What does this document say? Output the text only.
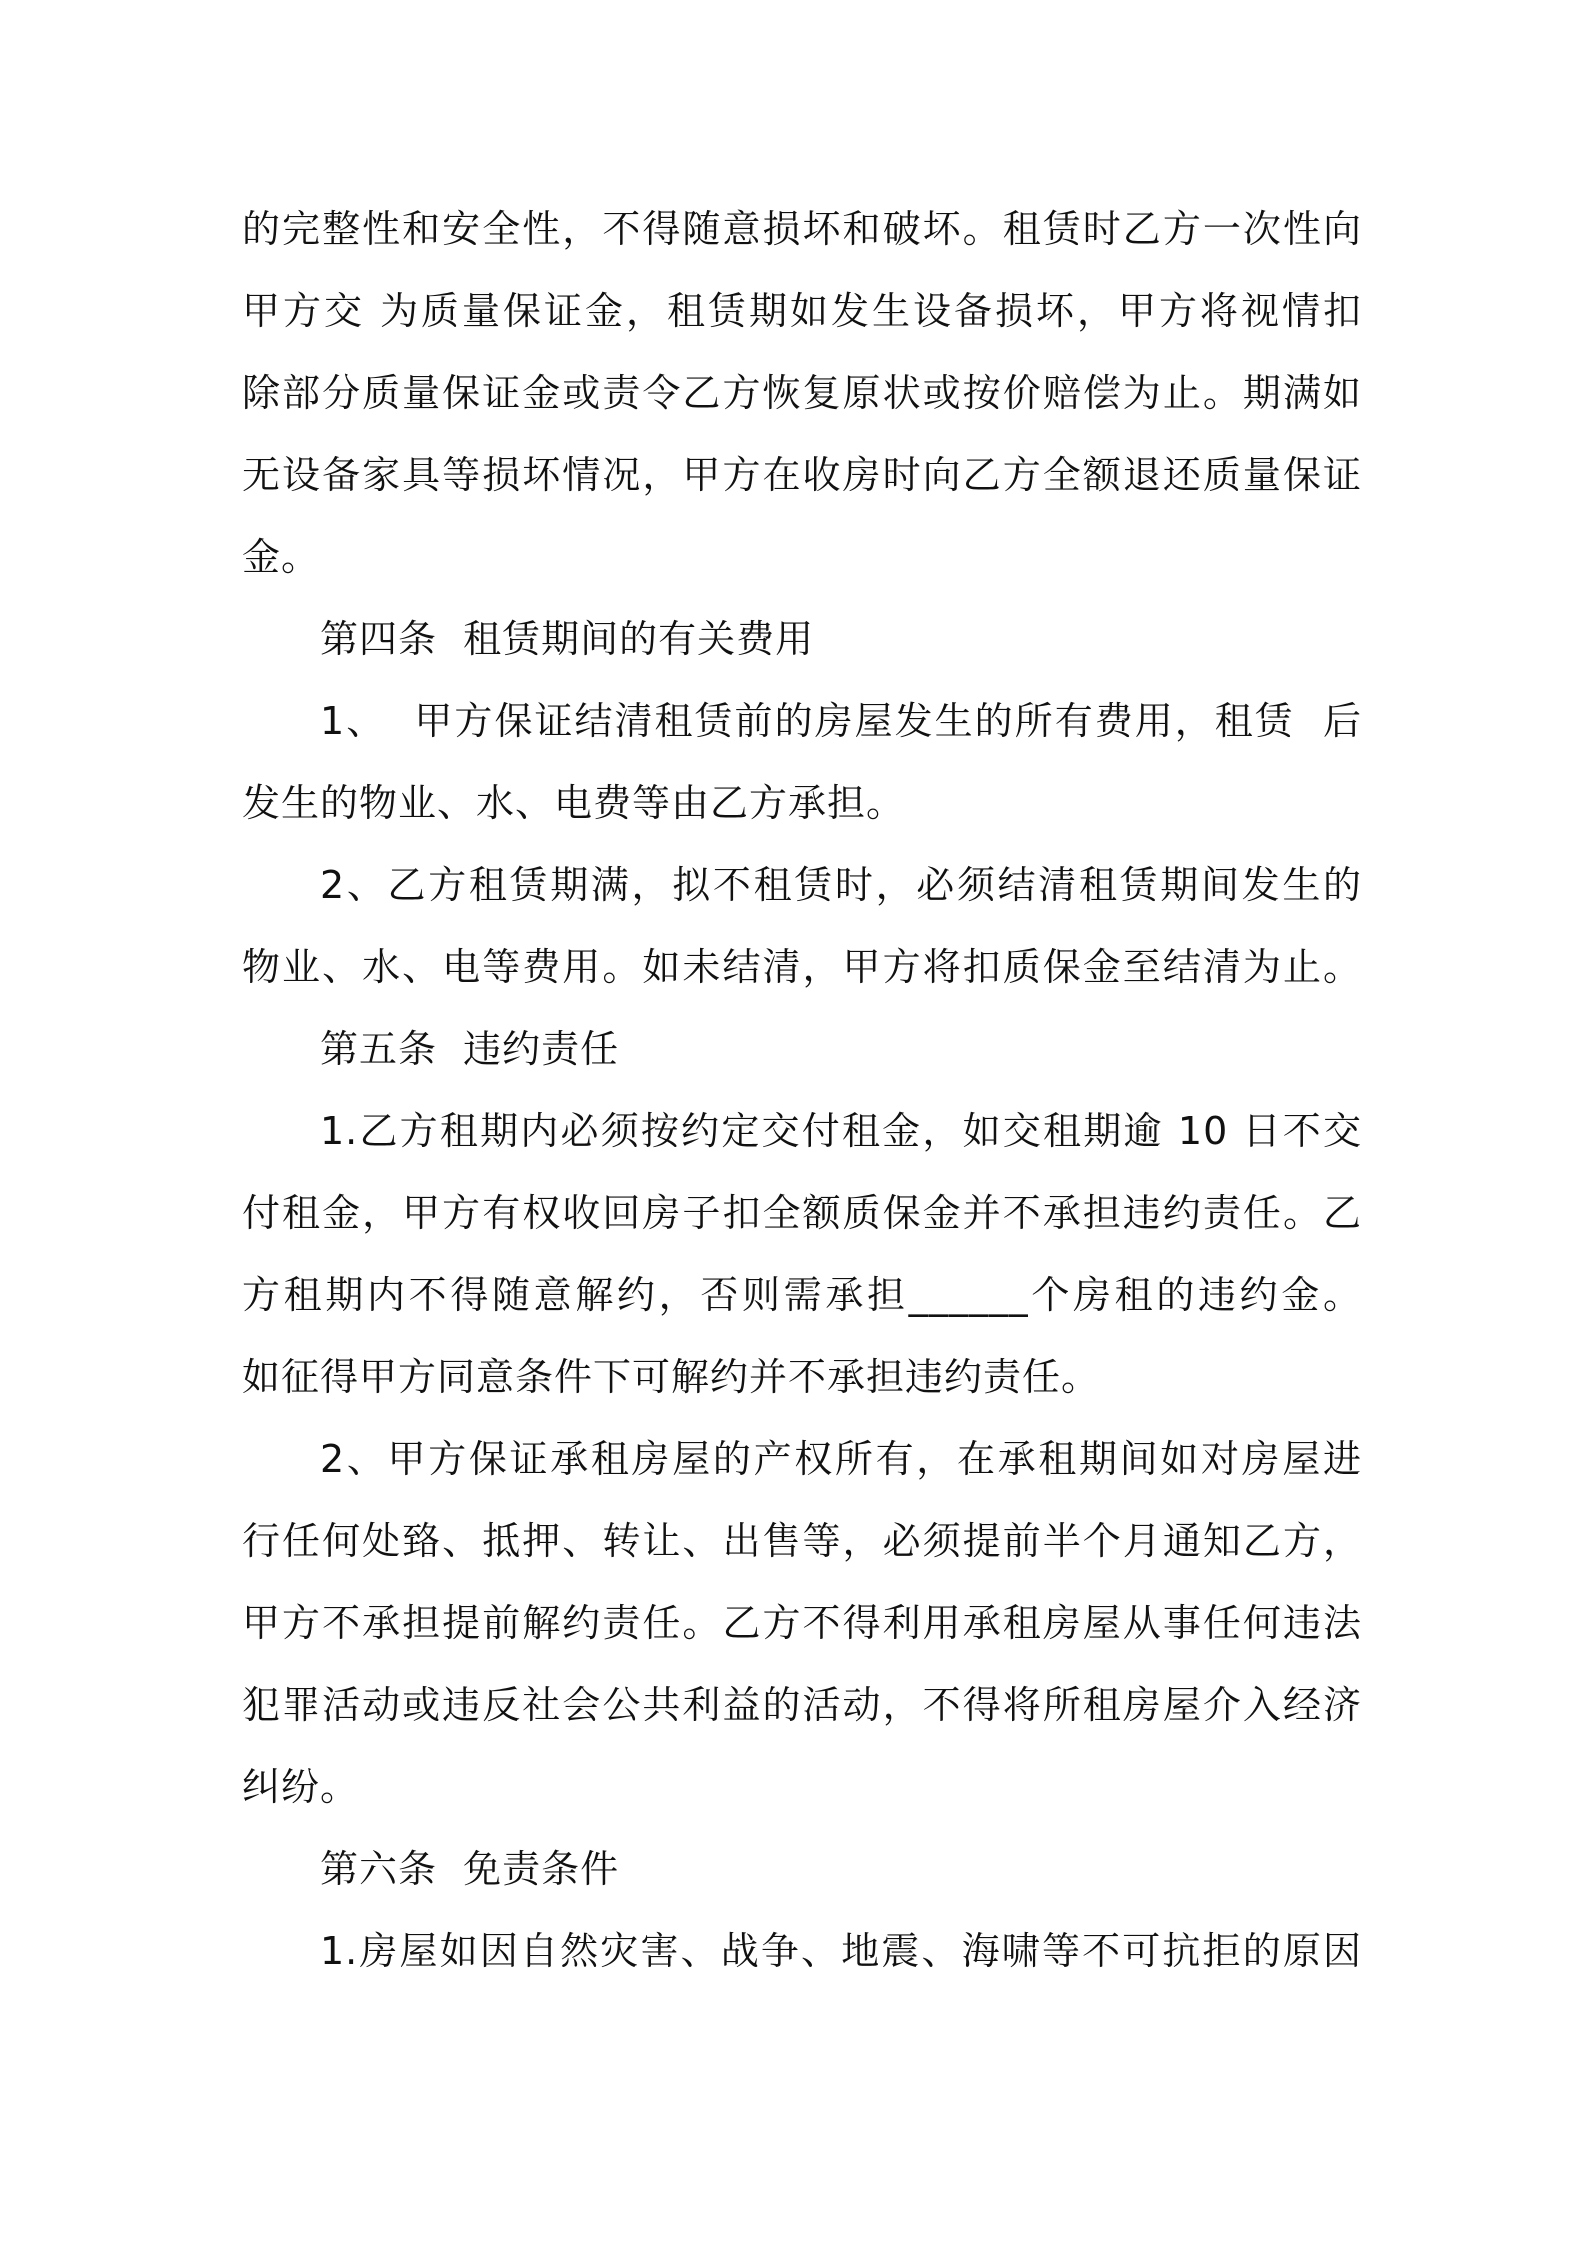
的完整性和安全性，不得随意损坏和破坏。租赁时乙方一次性向
甲方交 为质量保证金，租赁期如发生设备损坏，甲方将视情扣
除部分质量保证金或责令乙方恢复原状或按价赔偿为止。期满如
无设备家具等损坏情况，甲方在收房时向乙方全额退还质量保证
金。
第四条  租赁期间的有关费用
1、  甲方保证结清租赁前的房屋发生的所有费用，租赁  后
发生的物业、水、电费等由乙方承担。
2、乙方租赁期满，拟不租赁时，必须结清租赁期间发生的
物业、水、电等费用。如未结清，甲方将扣质保金至结清为止。
第五条  违约责任
1.乙方租期内必须按约定交付租金，如交租期逾 10 日不交
付租金，甲方有权收回房子扣全额质保金并不承担违约责任。乙
方租期内不得随意解约，否则需承担______个房租的违约金。
如征得甲方同意条件下可解约并不承担违约责任。
2、甲方保证承租房屋的产权所有，在承租期间如对房屋进
行任何处臵、抵押、转让、出售等，必须提前半个月通知乙方，
甲方不承担提前解约责任。乙方不得利用承租房屋从事任何违法
犯罪活动或违反社会公共利益的活动，不得将所租房屋介入经济
纠纷。
第六条  免责条件
1.房屋如因自然灾害、战争、地震、海啸等不可抗拒的原因
